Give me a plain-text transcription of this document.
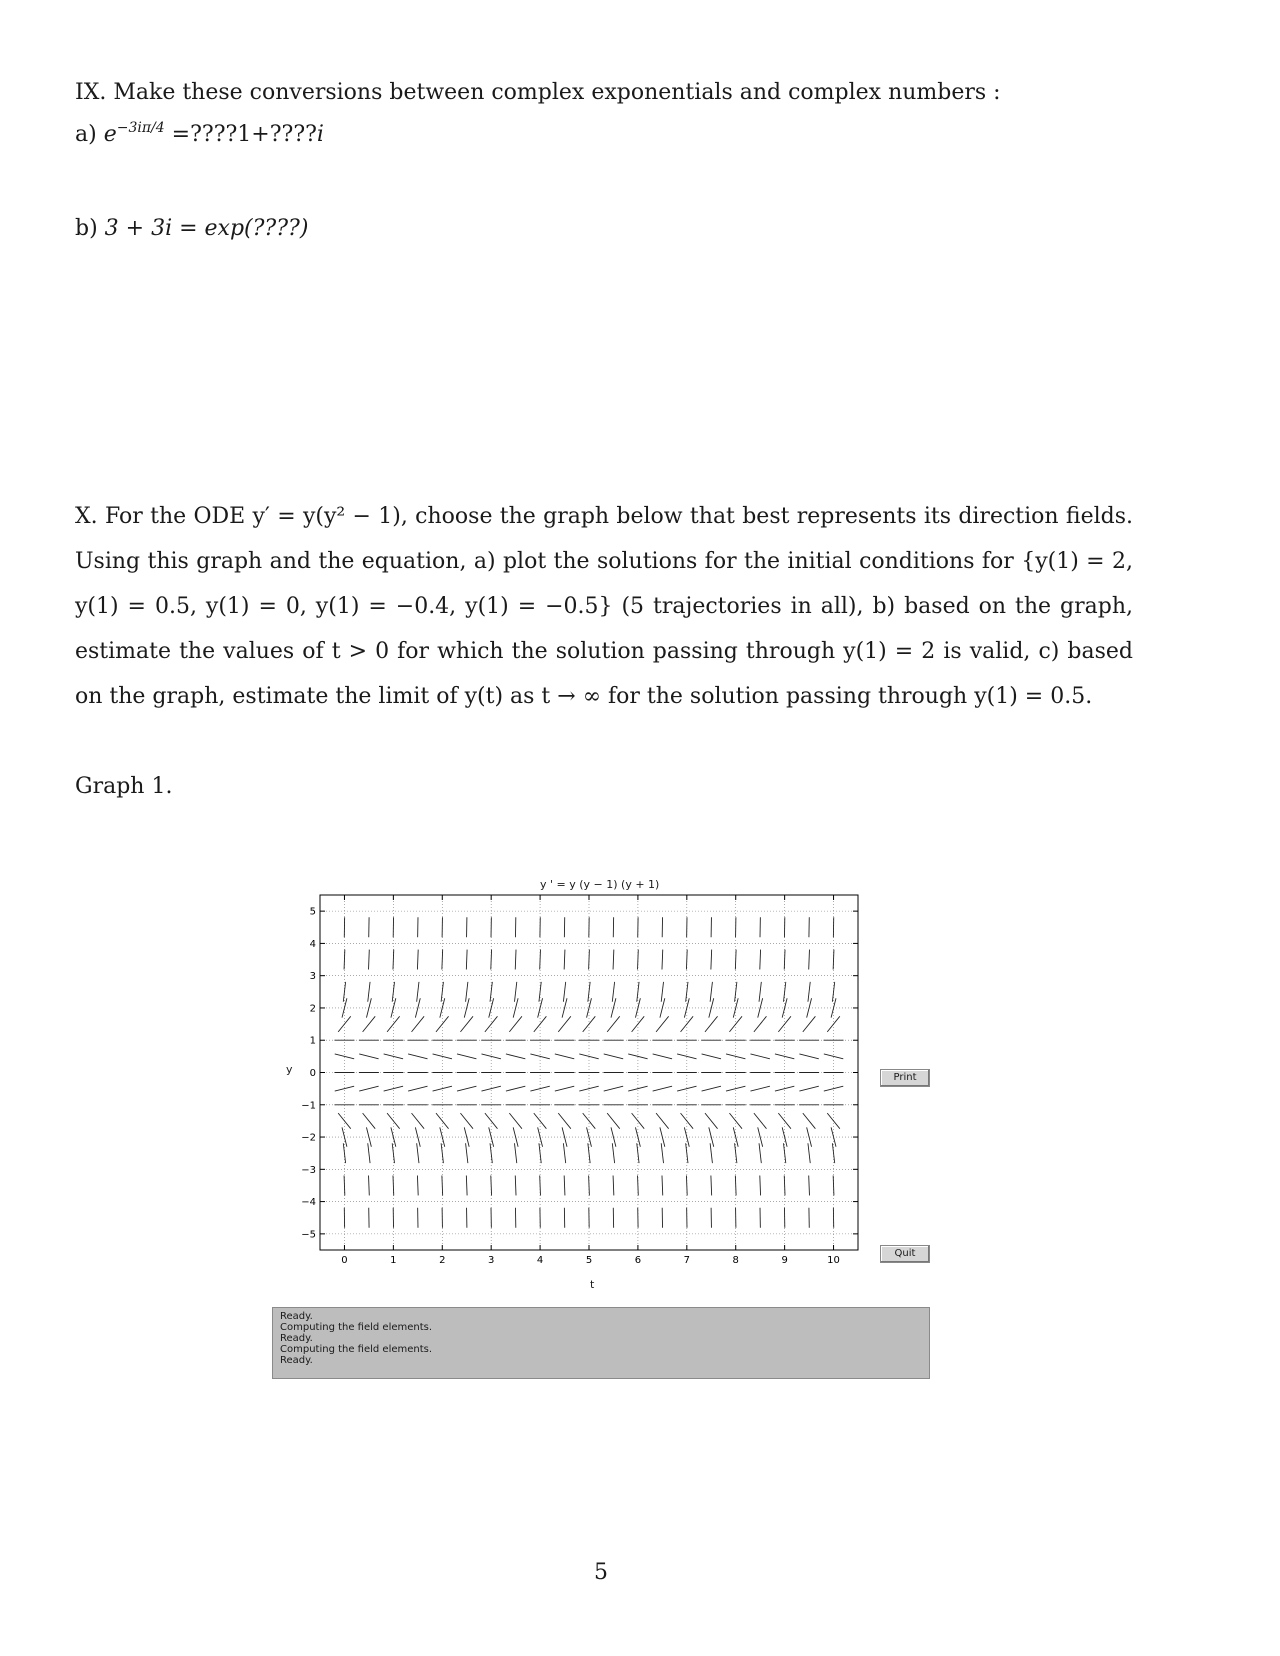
IX. Make these conversions between complex exponentials and complex numbers :
a) $e^{-3i\pi/4}$ =????1+????i
b) 3 + 3i = exp(????)
X. For the ODE y′ = y(y² − 1), choose the graph below that best represents its direction fields. Using this graph and the equation, a) plot the solutions for the initial conditions for {y(1) = 2, y(1) = 0.5, y(1) = 0, y(1) = −0.4, y(1) = −0.5} (5 trajectories in all), b) based on the graph, estimate the values of t > 0 for which the solution passing through y(1) = 2 is valid, c) based on the graph, estimate the limit of y(t) as t → ∞ for the solution passing through y(1) = 0.5.
Graph 1.
y ' = y (y − 1) (y + 1)
y
t
0	1	2	3	4	5	6	7	8	9	10
5
4
3
2
1
0
−1
−2
−3
−4
−5
Print
Quit
Ready.
Computing the field elements.
Ready.
Computing the field elements.
Ready.
5
